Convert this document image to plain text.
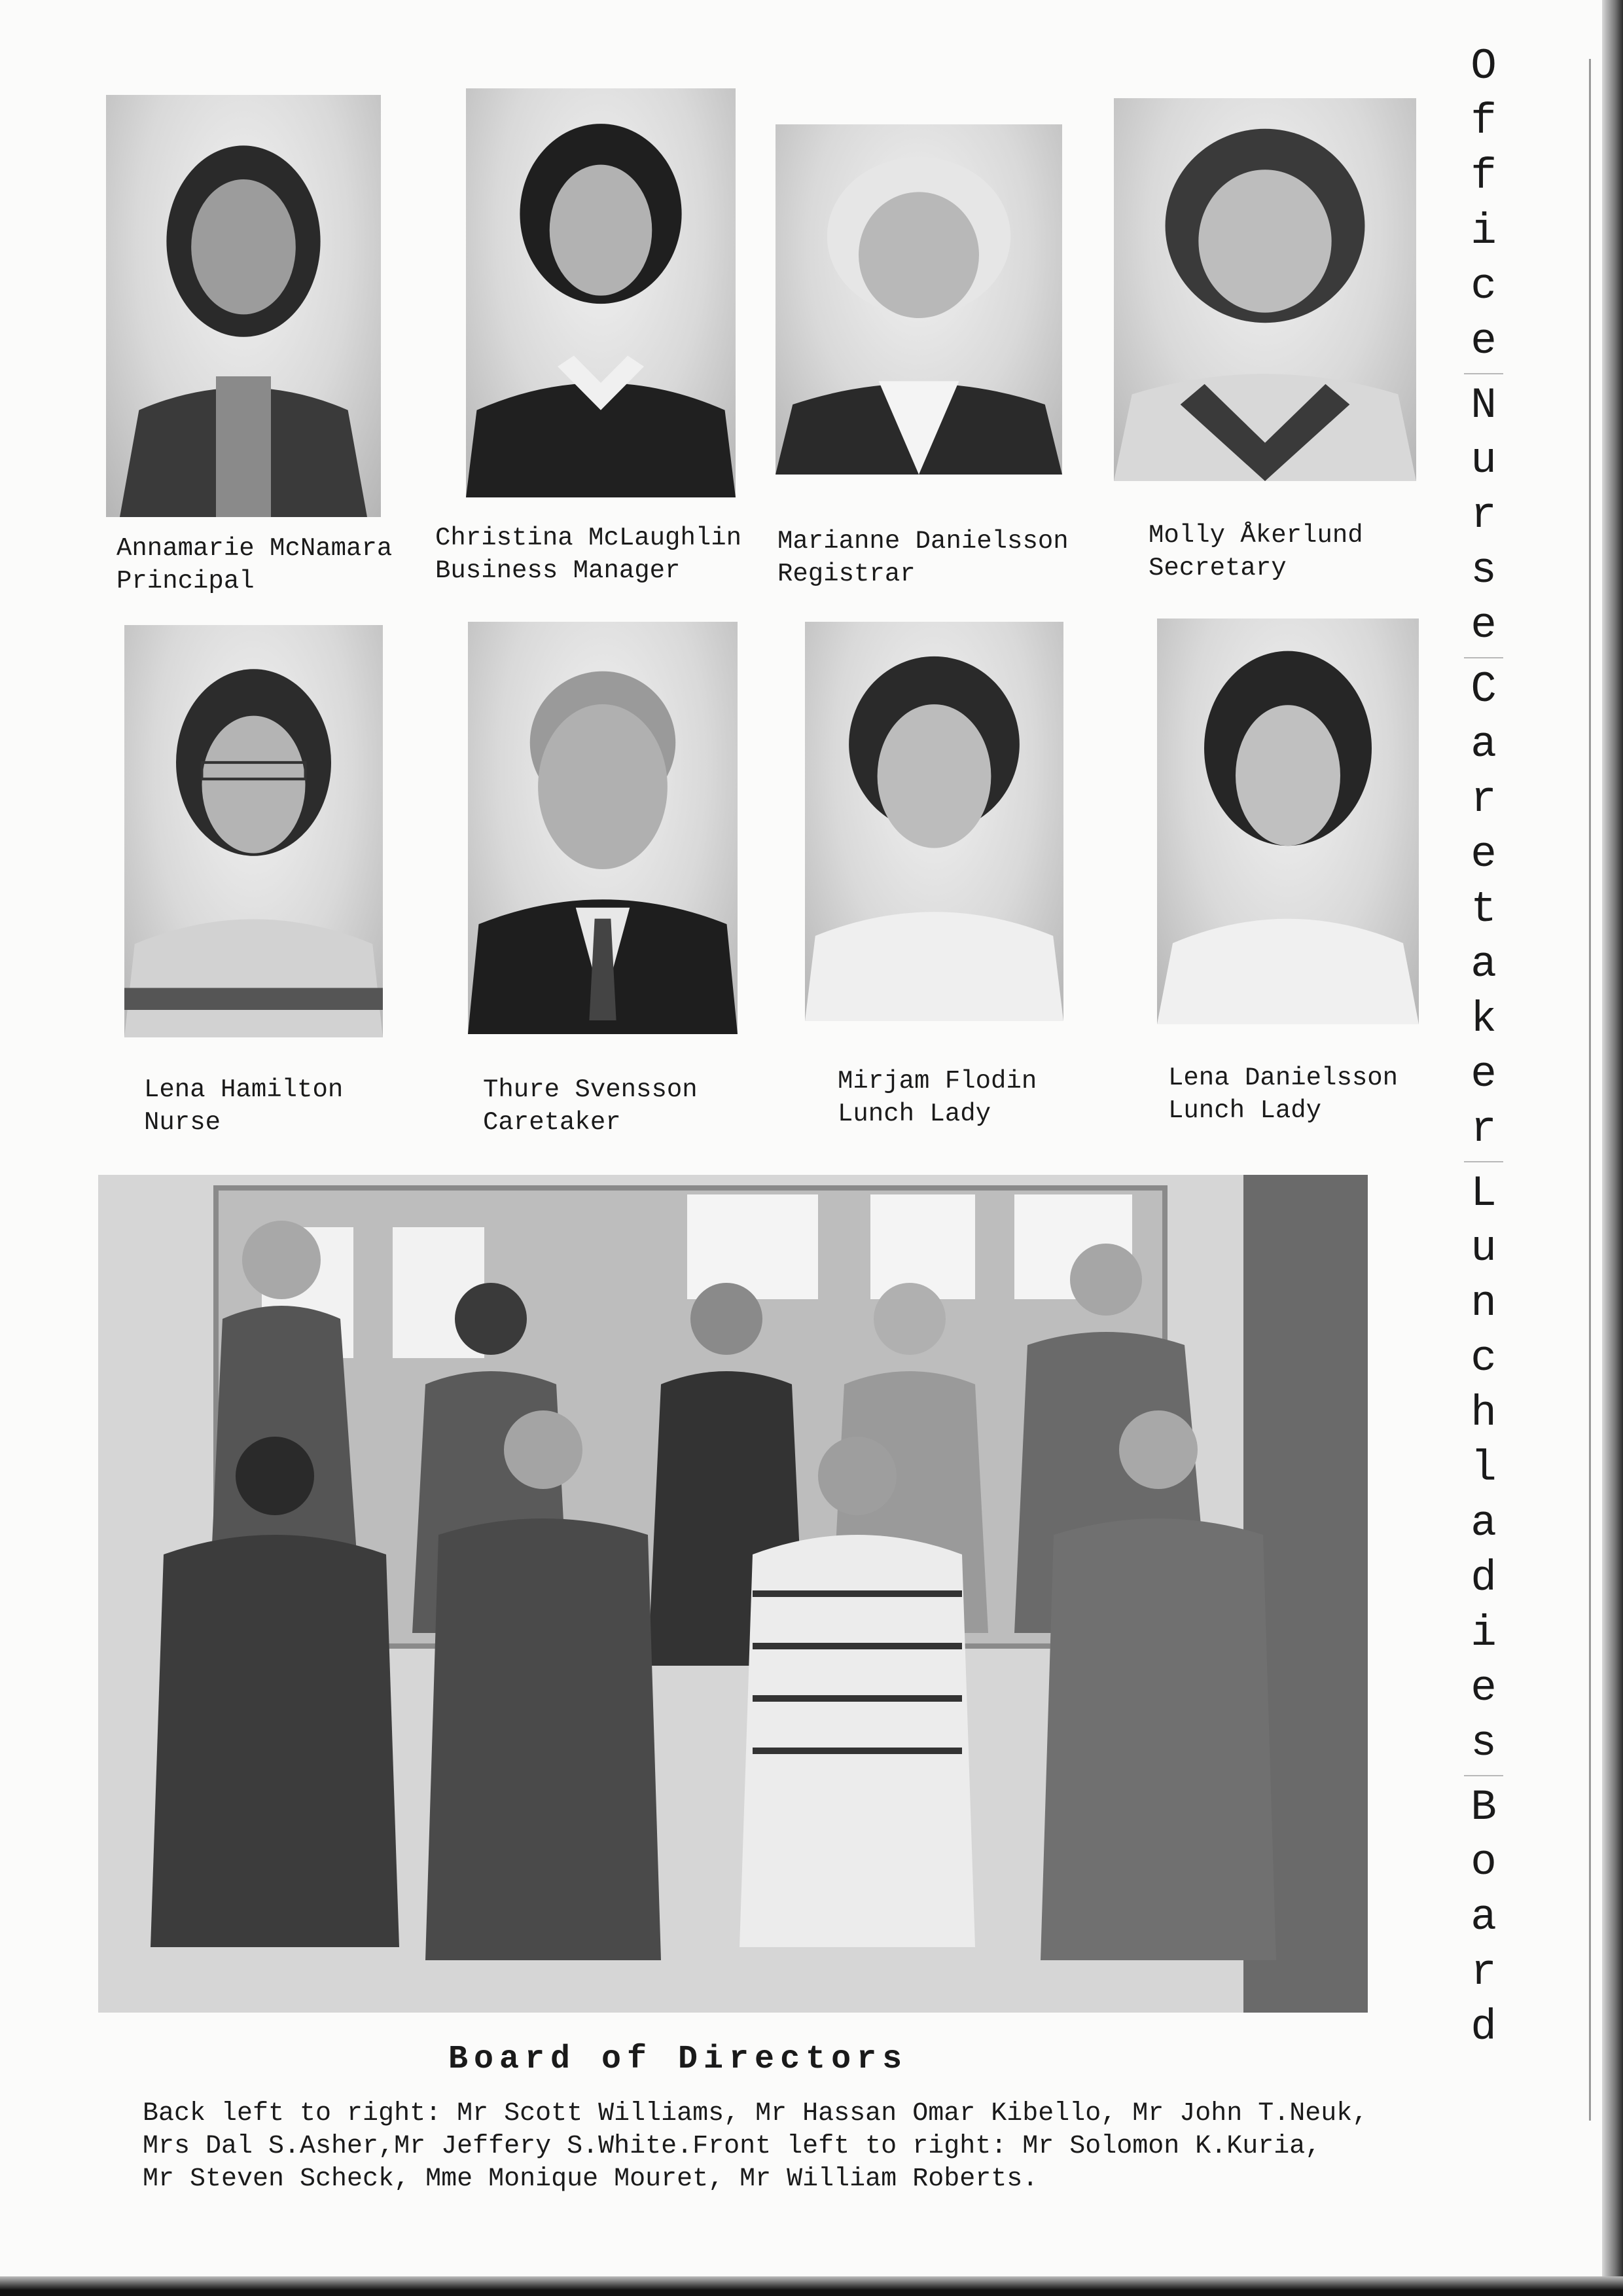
Annamarie McNamara
Principal
Christina McLaughlin
Business Manager
Marianne Danielsson
Registrar
Molly Åkerlund
Secretary
Lena Hamilton
Nurse
Thure Svensson
Caretaker
Mirjam Flodin
Lunch Lady
Lena Danielsson
Lunch Lady
Board of Directors
Back left to right: Mr Scott Williams, Mr Hassan Omar Kibello, Mr John T.Neuk,
Mrs Dal S.Asher,Mr Jeffery S.White.Front left to right: Mr Solomon K.Kuria,
Mr Steven Scheck, Mme Monique Mouret, Mr William Roberts.
O
f
f
i
c
e
N
u
r
s
e
C
a
r
e
t
a
k
e
r
L
u
n
c
h
l
a
d
i
e
s
B
o
a
r
d
